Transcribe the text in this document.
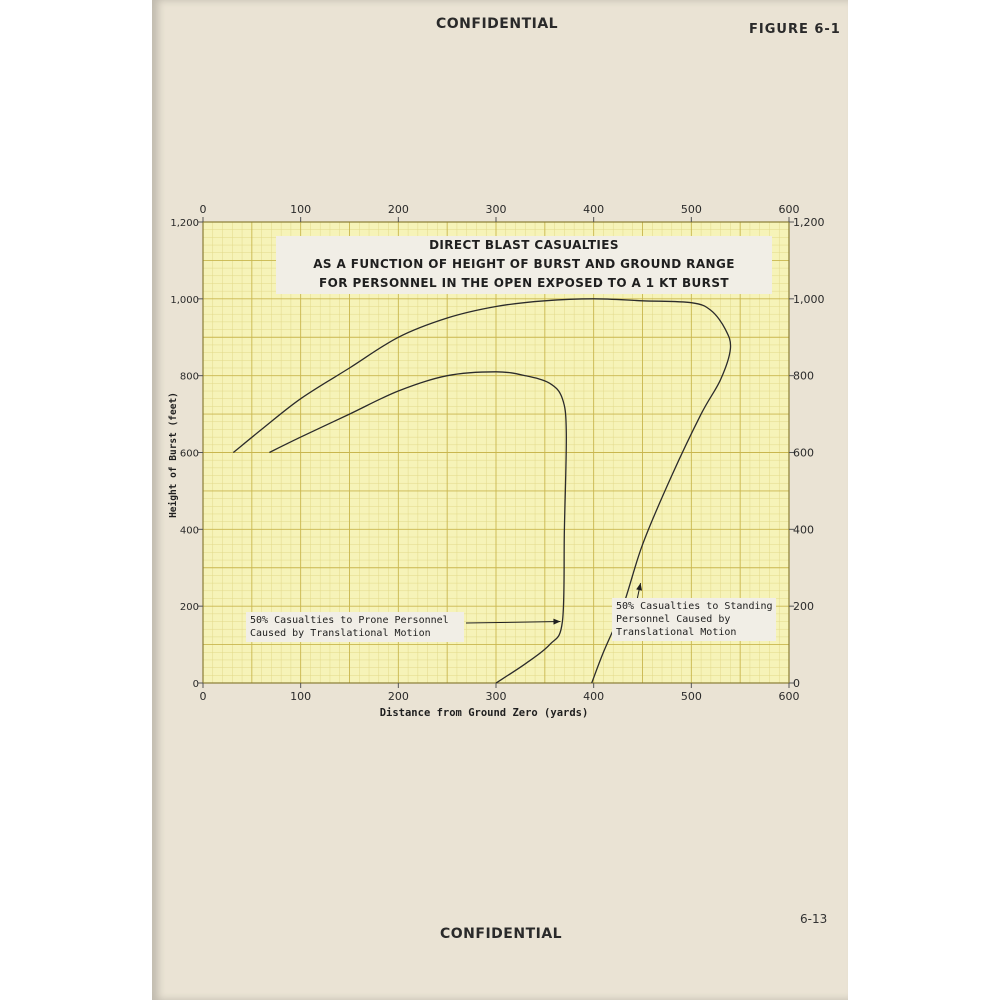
CONFIDENTIAL	FIGURE 6-1
0
0
100
100
200
200
300
300
400
400
500
500
600
600
0
200
400
600
800
1,000
1,200
0
200
400
600
800
1,000
1,200
Distance from Ground Zero (yards)
Height of Burst (feet)
DIRECT BLAST CASUALTIES
AS A FUNCTION OF HEIGHT OF BURST AND GROUND RANGE
FOR PERSONNEL IN THE OPEN EXPOSED TO A 1 KT BURST
50% Casualties to Prone Personnel
Caused by Translational Motion
50% Casualties to Standing
Personnel Caused by
Translational Motion
6-13
CONFIDENTIAL
